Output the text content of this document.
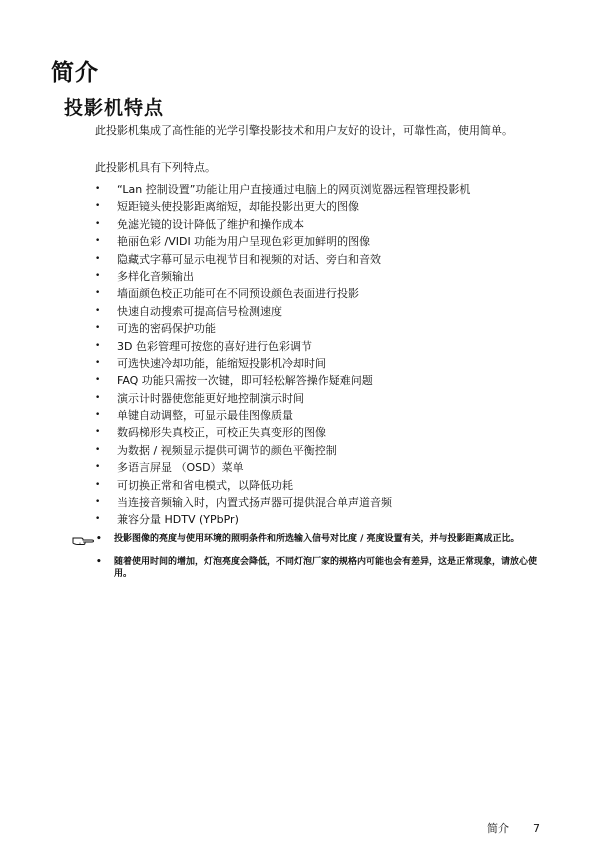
简介
投影机特点

此投影机集成了高性能的光学引擎投影技术和用户友好的设计，可靠性高，使用简单。

此投影机具有下列特点。

• “Lan 控制设置”功能让用户直接通过电脑上的网页浏览器远程管理投影机
• 短距镜头使投影距离缩短，却能投影出更大的图像
• 免滤光镜的设计降低了维护和操作成本
• 艳丽色彩 /VIDI 功能为用户呈现色彩更加鲜明的图像
• 隐藏式字幕可显示电视节目和视频的对话、旁白和音效
• 多样化音频输出
• 墙面颜色校正功能可在不同预设颜色表面进行投影
• 快速自动搜索可提高信号检测速度
• 可选的密码保护功能
• 3D 色彩管理可按您的喜好进行色彩调节
• 可选快速冷却功能，能缩短投影机冷却时间
• FAQ 功能只需按一次键，即可轻松解答操作疑难问题
• 演示计时器使您能更好地控制演示时间
• 单键自动调整，可显示最佳图像质量
• 数码梯形失真校正，可校正失真变形的图像
• 为数据 / 视频显示提供可调节的颜色平衡控制
• 多语言屏显 （OSD）菜单
• 可切换正常和省电模式，以降低功耗
• 当连接音频输入时，内置式扬声器可提供混合单声道音频
• 兼容分量 HDTV (YPbPr)
• 投影图像的亮度与使用环境的照明条件和所选输入信号对比度 / 亮度设置有关，并与投影距离成正比。
• 随着使用时间的增加，灯泡亮度会降低，不同灯泡厂家的规格内可能也会有差异，这是正常现象，请放心使用。
简介 7
